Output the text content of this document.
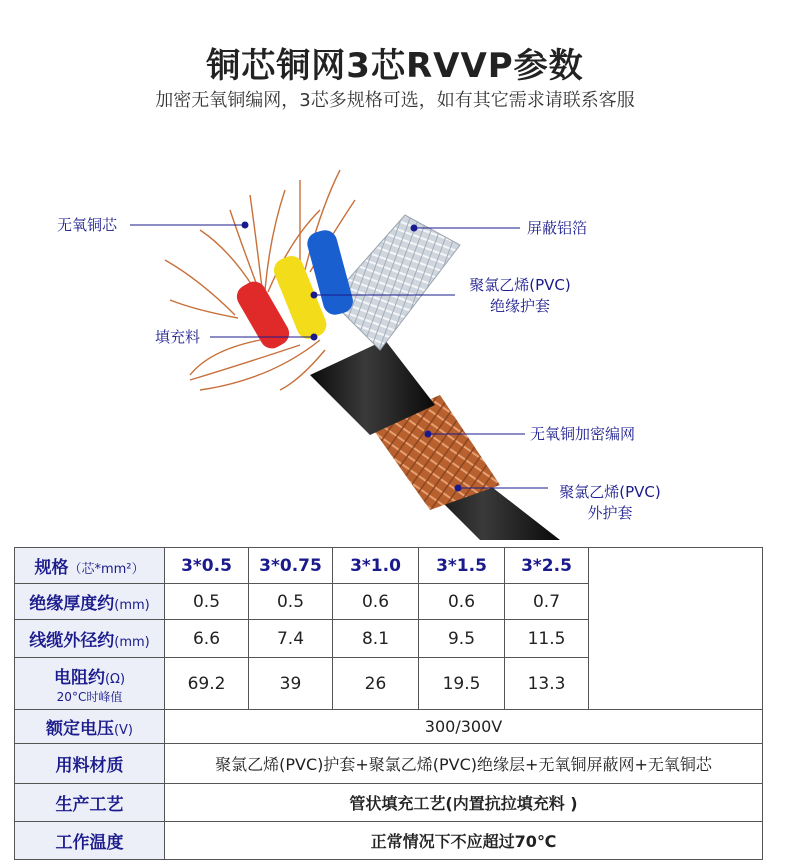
铜芯铜网3芯RVVP参数
加密无氧铜编网，3芯多规格可选，如有其它需求请联系客服
无氧铜芯	屏蔽铝箔
聚氯乙烯(PVC)
绝缘护套
填充料
无氧铜加密编网
聚氯乙烯(PVC)
外护套
规格（芯*mm²）	3*0.5	3*0.75	3*1.0	3*1.5	3*2.5	
绝缘厚度约(mm)	0.5	0.5	0.6	0.6	0.7	
线缆外径约(mm)	6.6	7.4	8.1	9.5	11.5	
电阻约(Ω)
20°C时峰值	69.2	39	26	19.5	13.3	
额定电压(V)	300/300V					
用料材质	聚氯乙烯(PVC)护套+聚氯乙烯(PVC)绝缘层+无氧铜屏蔽网+无氧铜芯					
生产工艺	管状填充工艺(内置抗拉填充料 )					
工作温度	正常情况下不应超过70℃					
